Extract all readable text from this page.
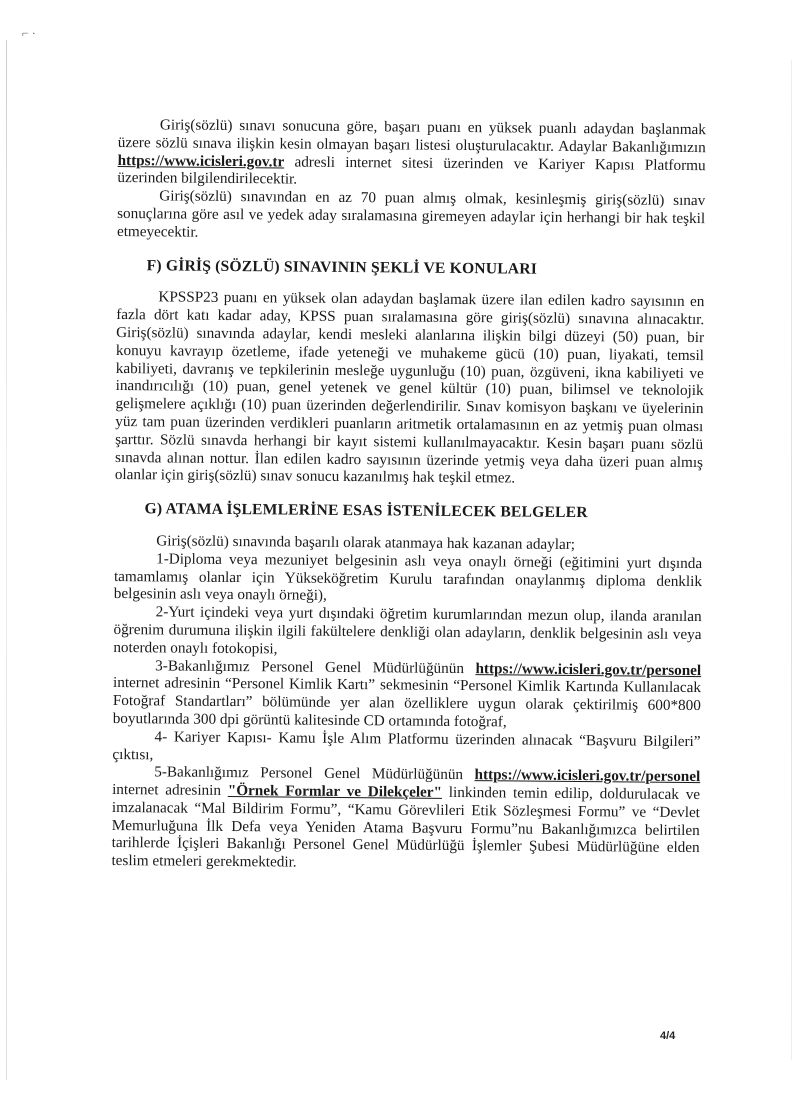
⌐ ·

Giriş(sözlü) sınavı sonucuna göre, başarı puanı en yüksek puanlı adaydan başlanmak üzere sözlü sınava ilişkin kesin olmayan başarı listesi oluşturulacaktır. Adaylar Bakanlığımızın https://www.icisleri.gov.tr adresli internet sitesi üzerinden ve Kariyer Kapısı Platformu üzerinden bilgilendirilecektir.

Giriş(sözlü) sınavından en az 70 puan almış olmak, kesinleşmiş giriş(sözlü) sınav sonuçlarına göre asıl ve yedek aday sıralamasına giremeyen adaylar için herhangi bir hak teşkil etmeyecektir.

F) GİRİŞ (SÖZLÜ) SINAVININ ŞEKLİ VE KONULARI

KPSSP23 puanı en yüksek olan adaydan başlamak üzere ilan edilen kadro sayısının en fazla dört katı kadar aday, KPSS puan sıralamasına göre giriş(sözlü) sınavına alınacaktır. Giriş(sözlü) sınavında adaylar, kendi mesleki alanlarına ilişkin bilgi düzeyi (50) puan, bir konuyu kavrayıp özetleme, ifade yeteneği ve muhakeme gücü (10) puan, liyakati, temsil kabiliyeti, davranış ve tepkilerinin mesleğe uygunluğu (10) puan, özgüveni, ikna kabiliyeti ve inandırıcılığı (10) puan, genel yetenek ve genel kültür (10) puan, bilimsel ve teknolojik gelişmelere açıklığı (10) puan üzerinden değerlendirilir. Sınav komisyon başkanı ve üyelerinin yüz tam puan üzerinden verdikleri puanların aritmetik ortalamasının en az yetmiş puan olması şarttır. Sözlü sınavda herhangi bir kayıt sistemi kullanılmayacaktır. Kesin başarı puanı sözlü sınavda alınan nottur. İlan edilen kadro sayısının üzerinde yetmiş veya daha üzeri puan almış olanlar için giriş(sözlü) sınav sonucu kazanılmış hak teşkil etmez.

G) ATAMA İŞLEMLERİNE ESAS İSTENİLECEK BELGELER

Giriş(sözlü) sınavında başarılı olarak atanmaya hak kazanan adaylar;

1-Diploma veya mezuniyet belgesinin aslı veya onaylı örneği (eğitimini yurt dışında tamamlamış olanlar için Yükseköğretim Kurulu tarafından onaylanmış diploma denklik belgesinin aslı veya onaylı örneği),

2-Yurt içindeki veya yurt dışındaki öğretim kurumlarından mezun olup, ilanda aranılan öğrenim durumuna ilişkin ilgili fakültelere denkliği olan adayların, denklik belgesinin aslı veya noterden onaylı fotokopisi,

3-Bakanlığımız Personel Genel Müdürlüğünün https://www.icisleri.gov.tr/personel internet adresinin “Personel Kimlik Kartı” sekmesinin “Personel Kimlik Kartında Kullanılacak Fotoğraf Standartları” bölümünde yer alan özelliklere uygun olarak çektirilmiş 600*800 boyutlarında 300 dpi görüntü kalitesinde CD ortamında fotoğraf,

4- Kariyer Kapısı- Kamu İşle Alım Platformu üzerinden alınacak “Başvuru Bilgileri” çıktısı,

5-Bakanlığımız Personel Genel Müdürlüğünün https://www.icisleri.gov.tr/personel internet adresinin "Örnek Formlar ve Dilekçeler" linkinden temin edilip, doldurulacak ve imzalanacak “Mal Bildirim Formu”, “Kamu Görevlileri Etik Sözleşmesi Formu” ve “Devlet Memurluğuna İlk Defa veya Yeniden Atama Başvuru Formu”nu Bakanlığımızca belirtilen tarihlerde İçişleri Bakanlığı Personel Genel Müdürlüğü İşlemler Şubesi Müdürlüğüne elden teslim etmeleri gerekmektedir.

4/4
